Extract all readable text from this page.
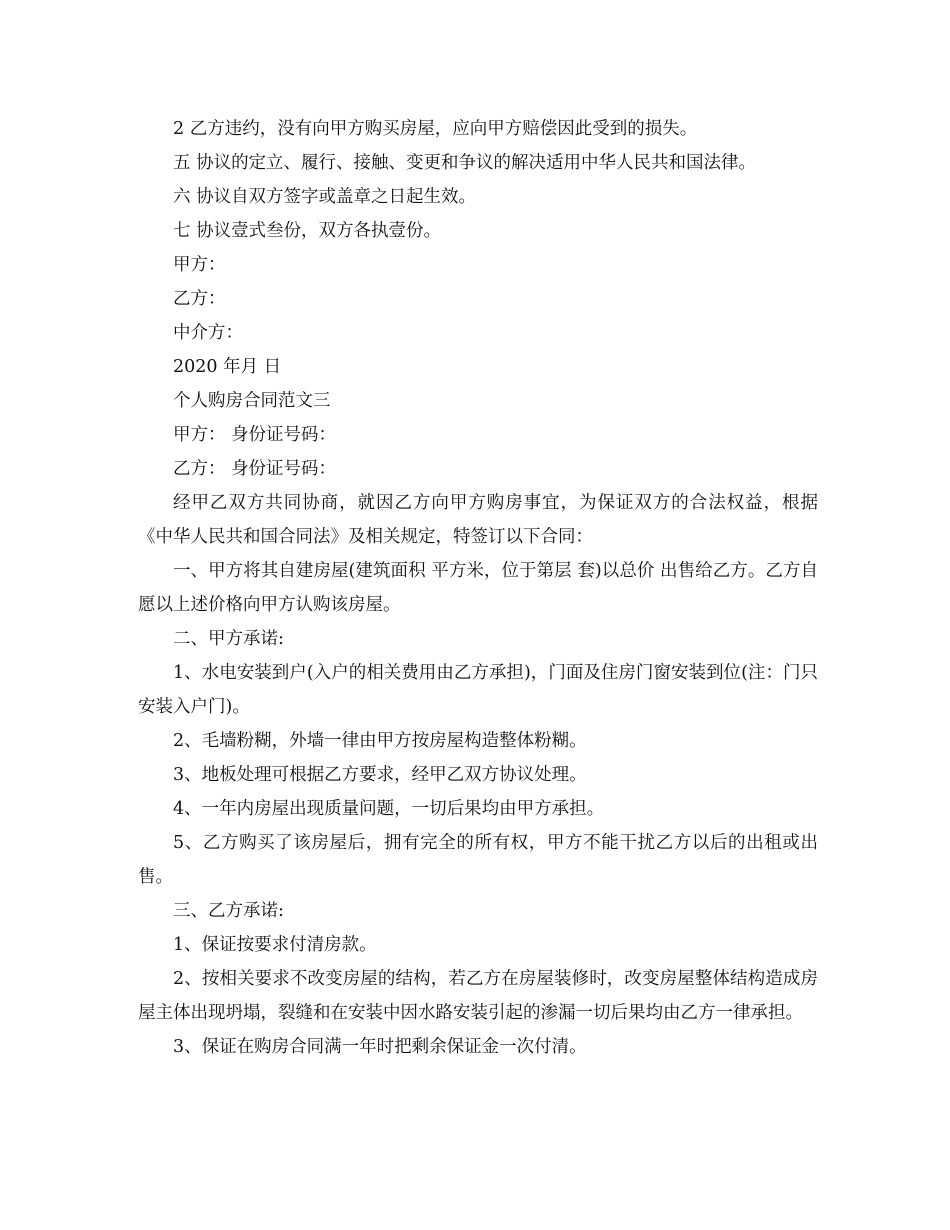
2 乙方违约，没有向甲方购买房屋，应向甲方赔偿因此受到的损失。

五 协议的定立、履行、接触、变更和争议的解决适用中华人民共和国法律。

六 协议自双方签字或盖章之日起生效。

七 协议壹式叁份，双方各执壹份。

甲方：

乙方：

中介方：

2020 年月 日

个人购房合同范文三

甲方： 身份证号码：

乙方： 身份证号码：

经甲乙双方共同协商，就因乙方向甲方购房事宜，为保证双方的合法权益，根据《中华人民共和国合同法》及相关规定，特签订以下合同：

一、甲方将其自建房屋(建筑面积 平方米，位于第层 套)以总价 出售给乙方。乙方自愿以上述价格向甲方认购该房屋。

二、甲方承诺:

1、水电安装到户(入户的相关费用由乙方承担)，门面及住房门窗安装到位(注：门只安装入户门)。

2、毛墙粉糊，外墙一律由甲方按房屋构造整体粉糊。

3、地板处理可根据乙方要求，经甲乙双方协议处理。

4、一年内房屋出现质量问题，一切后果均由甲方承担。

5、乙方购买了该房屋后，拥有完全的所有权，甲方不能干扰乙方以后的出租或出售。

三、乙方承诺:

1、保证按要求付清房款。

2、按相关要求不改变房屋的结构，若乙方在房屋装修时，改变房屋整体结构造成房屋主体出现坍塌，裂缝和在安装中因水路安装引起的渗漏一切后果均由乙方一律承担。

3、保证在购房合同满一年时把剩余保证金一次付清。
